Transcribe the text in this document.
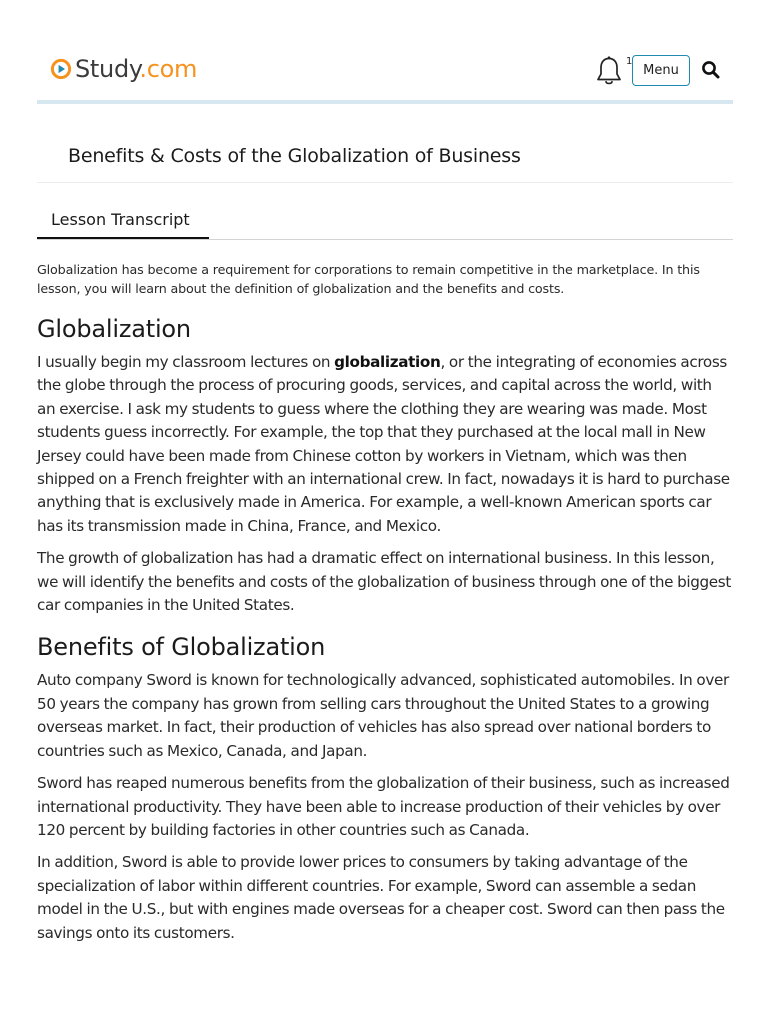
Study.com	1
Menu
Benefits & Costs of the Globalization of Business
Lesson Transcript

Globalization has become a requirement for corporations to remain competitive in the marketplace. In this lesson, you will learn about the definition of globalization and the benefits and costs.

Globalization

I usually begin my classroom lectures on globalization, or the integrating of economies across the globe through the process of procuring goods, services, and capital across the world, with an exercise. I ask my students to guess where the clothing they are wearing was made. Most students guess incorrectly. For example, the top that they purchased at the local mall in New Jersey could have been made from Chinese cotton by workers in Vietnam, which was then shipped on a French freighter with an international crew. In fact, nowadays it is hard to purchase anything that is exclusively made in America. For example, a well-known American sports car has its transmission made in China, France, and Mexico.

The growth of globalization has had a dramatic effect on international business. In this lesson, we will identify the benefits and costs of the globalization of business through one of the biggest car companies in the United States.

Benefits of Globalization

Auto company Sword is known for technologically advanced, sophisticated automobiles. In over 50 years the company has grown from selling cars throughout the United States to a growing overseas market. In fact, their production of vehicles has also spread over national borders to countries such as Mexico, Canada, and Japan.

Sword has reaped numerous benefits from the globalization of their business, such as increased international productivity. They have been able to increase production of their vehicles by over 120 percent by building factories in other countries such as Canada.

In addition, Sword is able to provide lower prices to consumers by taking advantage of the specialization of labor within different countries. For example, Sword can assemble a sedan model in the U.S., but with engines made overseas for a cheaper cost. Sword can then pass the savings onto its customers.
